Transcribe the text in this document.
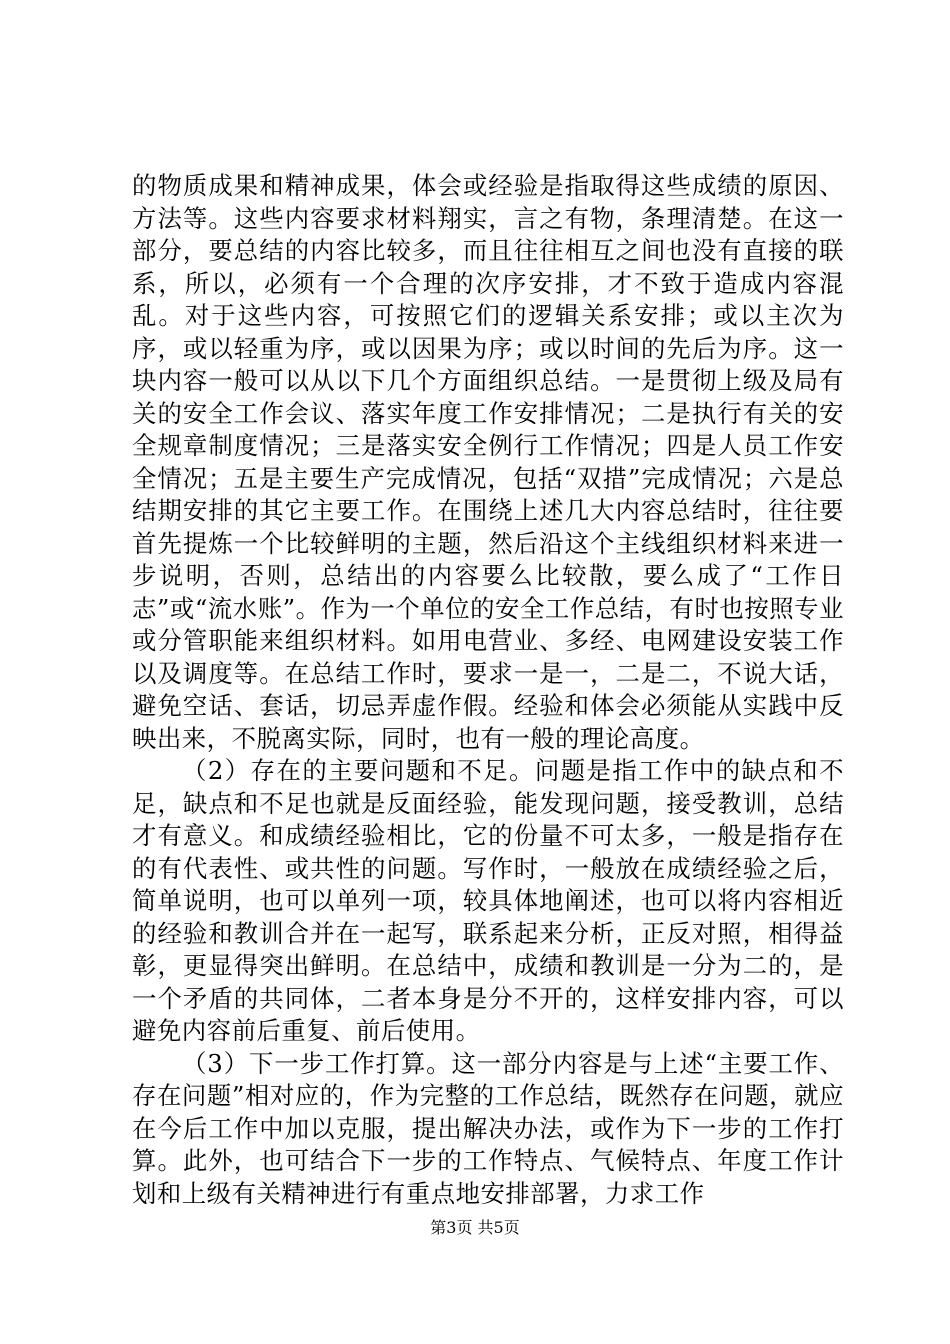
的物质成果和精神成果，体会或经验是指取得这些成绩的原因、方法等。这些内容要求材料翔实，言之有物，条理清楚。在这一部分，要总结的内容比较多，而且往往相互之间也没有直接的联系，所以，必须有一个合理的次序安排，才不致于造成内容混乱。对于这些内容，可按照它们的逻辑关系安排；或以主次为序，或以轻重为序，或以因果为序；或以时间的先后为序。这一块内容一般可以从以下几个方面组织总结。一是贯彻上级及局有关的安全工作会议、落实年度工作安排情况；二是执行有关的安全规章制度情况；三是落实安全例行工作情况；四是人员工作安全情况；五是主要生产完成情况，包括“双措”完成情况；六是总结期安排的其它主要工作。在围绕上述几大内容总结时，往往要首先提炼一个比较鲜明的主题，然后沿这个主线组织材料来进一步说明，否则，总结出的内容要么比较散，要么成了“工作日志”或“流水账”。作为一个单位的安全工作总结，有时也按照专业或分管职能来组织材料。如用电营业、多经、电网建设安装工作以及调度等。在总结工作时，要求一是一，二是二，不说大话，避免空话、套话，切忌弄虚作假。经验和体会必须能从实践中反映出来，不脱离实际，同时，也有一般的理论高度。

（2）存在的主要问题和不足。问题是指工作中的缺点和不足，缺点和不足也就是反面经验，能发现问题，接受教训，总结才有意义。和成绩经验相比，它的份量不可太多，一般是指存在的有代表性、或共性的问题。写作时，一般放在成绩经验之后，简单说明，也可以单列一项，较具体地阐述，也可以将内容相近的经验和教训合并在一起写，联系起来分析，正反对照，相得益彰，更显得突出鲜明。在总结中，成绩和教训是一分为二的，是一个矛盾的共同体，二者本身是分不开的，这样安排内容，可以避免内容前后重复、前后使用。

（3）下一步工作打算。这一部分内容是与上述“主要工作、存在问题”相对应的，作为完整的工作总结，既然存在问题，就应在今后工作中加以克服，提出解决办法，或作为下一步的工作打算。此外，也可结合下一步的工作特点、气候特点、年度工作计划和上级有关精神进行有重点地安排部署，力求工作

第3页 共5页
